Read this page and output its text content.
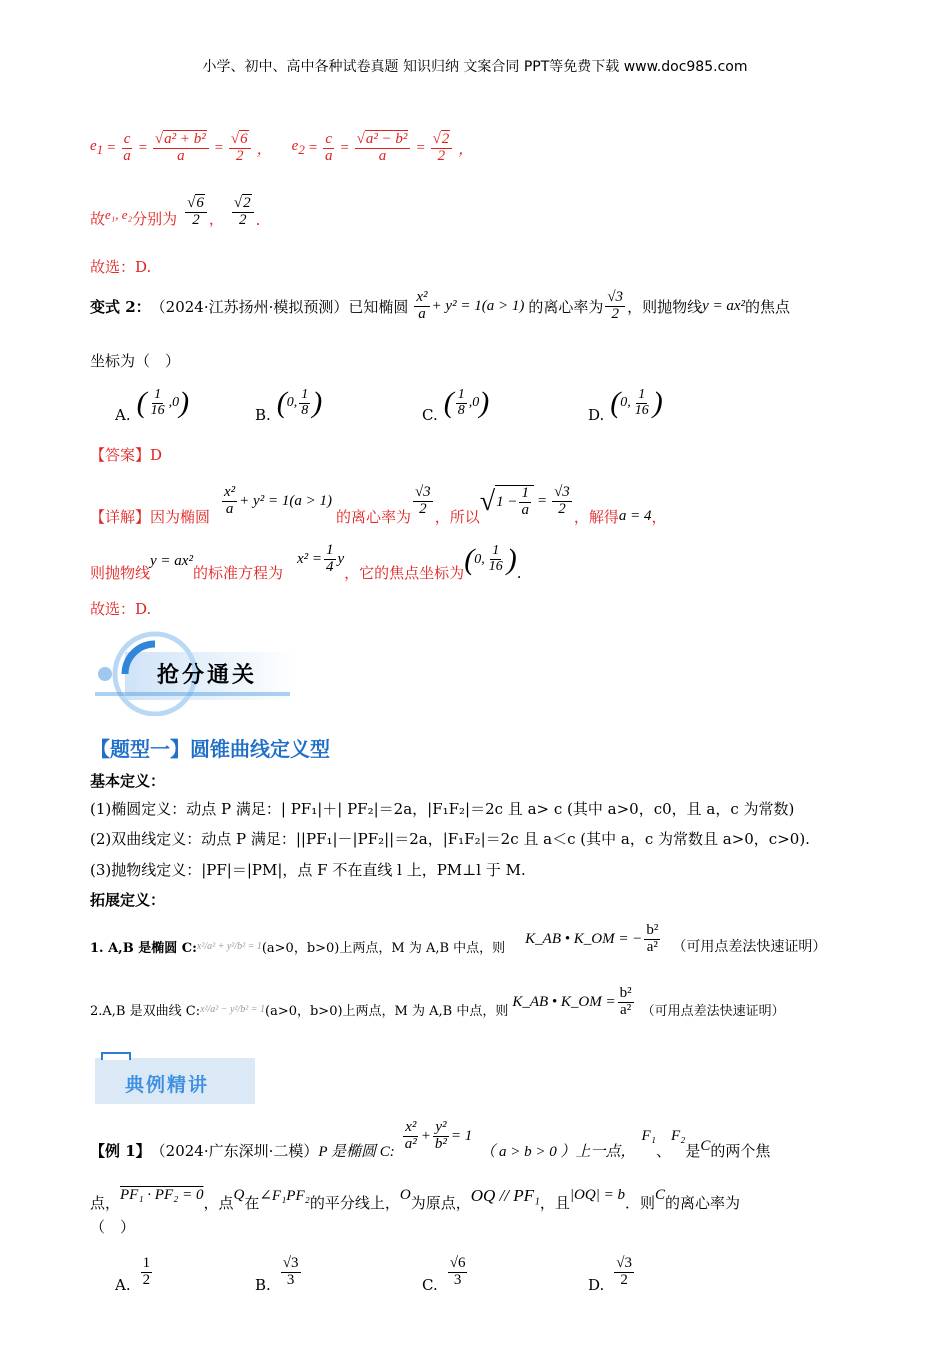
小学、初中、高中各种试卷真题 知识归纳 文案合同 PPT等免费下载 www.doc985.com
$e_1 = \frac{c}{a} = \frac{\text{√a² + b²}}{a} = \frac{√6}{2}$ ， $e_2 = \frac{c}{a} = \frac{\text{√a² − b²}}{a} = \frac{√2}{2}$ ，
故 e₁, e₂ 分别为 $\frac{√6}{2}$ ， $\frac{√2}{2}$ .
故选：D.
变式 2： （2024·江苏扬州·模拟预测）已知椭圆 $\frac{\text{x²}}{a} + y^2 = 1(a > 1)$ 的离心率为 $\frac{√3}{2}$ ，则抛物线 y = ax² 的焦点
坐标为（　）
A. ( $\frac{1}{16}$ , 0 )	B. ( 0 , $\frac{1}{8}$ )	C. ( $\frac{1}{8}$ , 0 )	D. ( 0 , $\frac{1}{16}$ )
【答案】D
【详解】因为椭圆 $\frac{\text{x²}}{a} + y^2 = 1(a > 1)$
的离心率为 $\frac{√3}{2}$ ，所以
√ $1 - \frac{1}{a} = \frac{√3}{2}$ ，解得 a = 4 ，
则抛物线
y = ax²
的标准方程为
$x^2 = \frac{1}{4}$ y
，它的焦点坐标为 ( 0 , $\frac{1}{16}$ ) .
故选：D.
抢分通关
【题型一】圆锥曲线定义型
基本定义：
(1)椭圆定义：动点 P 满足：| PF₁|＋| PF₂|＝2a，|F₁F₂|＝2c 且 a> c (其中 a>0，c0，且 a，c 为常数)
(2)双曲线定义：动点 P 满足：||PF₁|－|PF₂||＝2a，|F₁F₂|＝2c 且 a＜c (其中 a，c 为常数且 a>0，c>0).
(3)抛物线定义：|PF|＝|PM|，点 F 不在直线 l 上，PM⊥l 于 M.
拓展定义：
1. A,B 是椭圆 C: x²/a² + y²/b² = 1 (a>0，b>0)上两点，M 为 A,B 中点，则
K_AB • K_OM = − $\frac{\text{b²}}{\text{a²}}$ （可用点差法快速证明）
2.A,B 是双曲线 C: x²/a² − y²/b² = 1 (a>0，b>0)上两点，M 为 A,B 中点，则
K_AB • K_OM = $\frac{\text{b²}}{\text{a²}}$ （可用点差法快速证明）
典例精讲
【例 1】 （2024·广东深圳·二模） P 是椭圆 C: $\frac{\text{x²}}{\text{a²}} + \frac{\text{y²}}{\text{b²}} = 1$
（ a > b > 0 ）上一点，
F₁
、
F₂
是 C 的两个焦
点， PF₁ · PF₂ = 0 ，点 Q 在 ∠F₁PF₂ 的平分线上， O 为原点， OQ // PF₁ ，且 |OQ| = b ．则 C 的离心率为
（　）
A. $\frac{1}{2}$	B. $\frac{√3}{3}$	C. $\frac{√6}{3}$	D. $\frac{√3}{2}$
